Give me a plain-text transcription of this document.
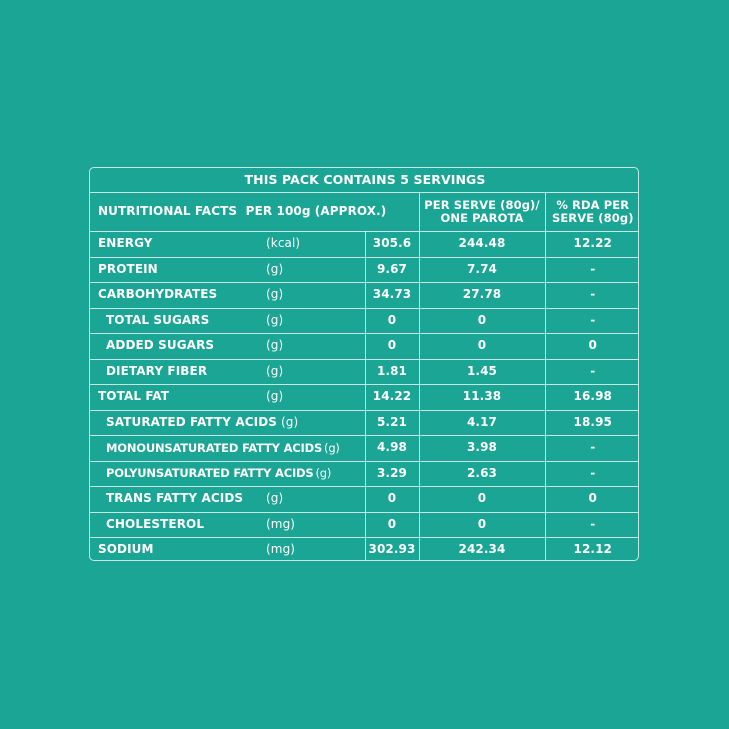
THIS PACK CONTAINS 5 SERVINGS			
NUTRITIONAL FACTS  PER 100g (APPROX.)		PER SERVE (80g)/ ONE PAROTA	% RDA PER SERVE (80g)

ENERGY (kcal)	305.6	244.48	12.22

PROTEIN (g)	9.67	7.74	-

CARBOHYDRATES (g)	34.73	27.78	-

TOTAL SUGARS (g)	0	0	-

ADDED SUGARS (g)	0	0	0

DIETARY FIBER (g)	1.81	1.45	-

TOTAL FAT (g)	14.22	11.38	16.98
SATURATED FATTY ACIDS (g)	5.21	4.17	18.95
MONOUNSATURATED FATTY ACIDS (g)	4.98	3.98	-
POLYUNSATURATED FATTY ACIDS (g)	3.29	2.63	-

TRANS FATTY ACIDS (g)	0	0	0

CHOLESTEROL (mg)	0	0	-

SODIUM (mg)	302.93	242.34	12.12
